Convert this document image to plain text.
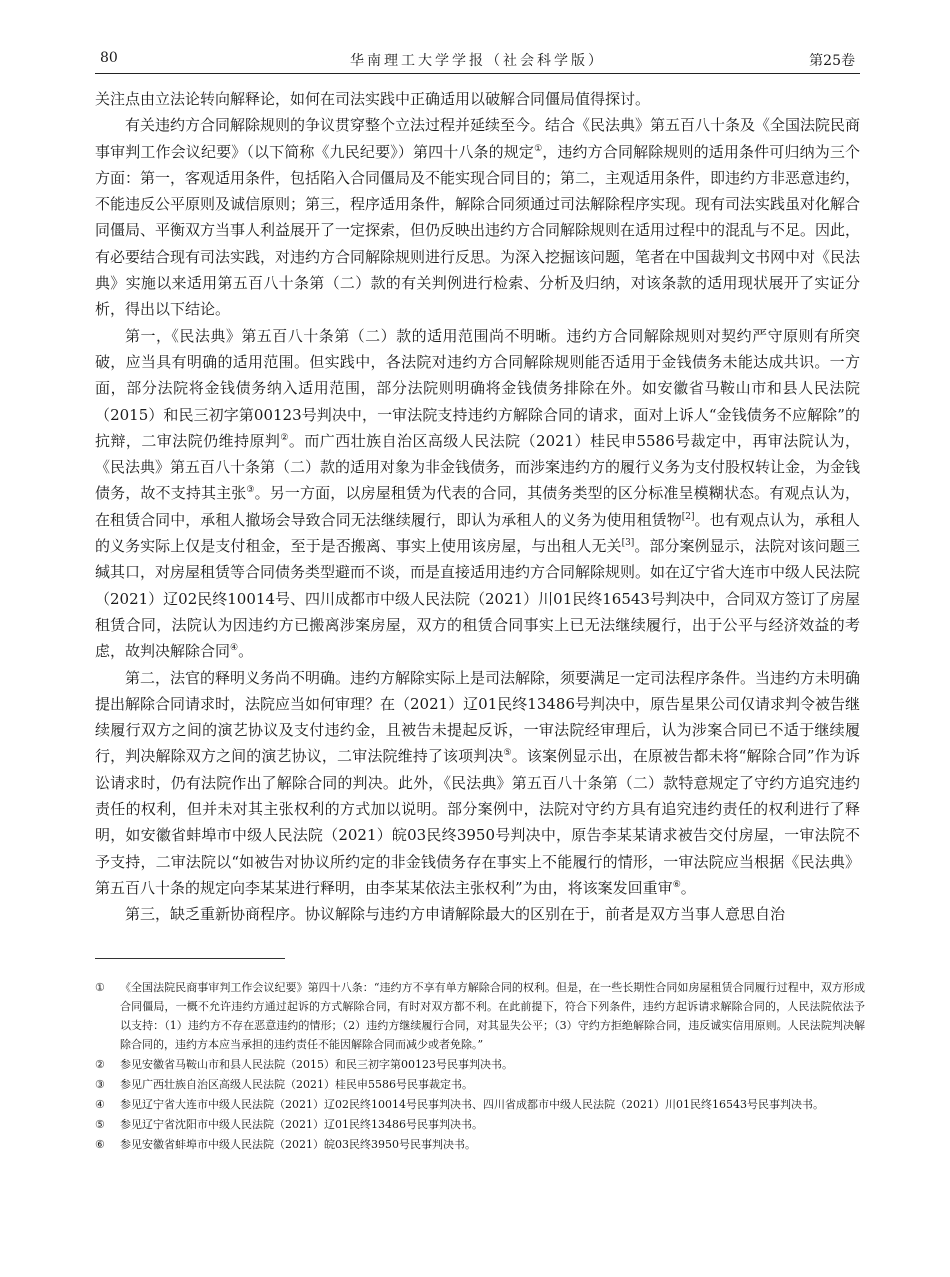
80	华南理工大学学报（社会科学版）	第25卷

关注点由立法论转向解释论，如何在司法实践中正确适用以破解合同僵局值得探讨。

有关违约方合同解除规则的争议贯穿整个立法过程并延续至今。结合《民法典》第五百八十条及《全国法院民商事审判工作会议纪要》（以下简称《九民纪要》）第四十八条的规定①，违约方合同解除规则的适用条件可归纳为三个方面：第一，客观适用条件，包括陷入合同僵局及不能实现合同目的；第二，主观适用条件，即违约方非恶意违约，不能违反公平原则及诚信原则；第三，程序适用条件，解除合同须通过司法解除程序实现。现有司法实践虽对化解合同僵局、平衡双方当事人利益展开了一定探索，但仍反映出违约方合同解除规则在适用过程中的混乱与不足。因此，有必要结合现有司法实践，对违约方合同解除规则进行反思。为深入挖掘该问题，笔者在中国裁判文书网中对《民法典》实施以来适用第五百八十条第（二）款的有关判例进行检索、分析及归纳，对该条款的适用现状展开了实证分析，得出以下结论。

第一，《民法典》第五百八十条第（二）款的适用范围尚不明晰。违约方合同解除规则对契约严守原则有所突破，应当具有明确的适用范围。但实践中，各法院对违约方合同解除规则能否适用于金钱债务未能达成共识。一方面，部分法院将金钱债务纳入适用范围，部分法院则明确将金钱债务排除在外。如安徽省马鞍山市和县人民法院（2015）和民三初字第00123号判决中，一审法院支持违约方解除合同的请求，面对上诉人“金钱债务不应解除”的抗辩，二审法院仍维持原判②。而广西壮族自治区高级人民法院（2021）桂民申5586号裁定中，再审法院认为，《民法典》第五百八十条第（二）款的适用对象为非金钱债务，而涉案违约方的履行义务为支付股权转让金，为金钱债务，故不支持其主张③。另一方面，以房屋租赁为代表的合同，其债务类型的区分标准呈模糊状态。有观点认为，在租赁合同中，承租人撤场会导致合同无法继续履行，即认为承租人的义务为使用租赁物[2]。也有观点认为，承租人的义务实际上仅是支付租金，至于是否搬离、事实上使用该房屋，与出租人无关[3]。部分案例显示，法院对该问题三缄其口，对房屋租赁等合同债务类型避而不谈，而是直接适用违约方合同解除规则。如在辽宁省大连市中级人民法院（2021）辽02民终10014号、四川成都市中级人民法院（2021）川01民终16543号判决中，合同双方签订了房屋租赁合同，法院认为因违约方已搬离涉案房屋，双方的租赁合同事实上已无法继续履行，出于公平与经济效益的考虑，故判决解除合同④。

第二，法官的释明义务尚不明确。违约方解除实际上是司法解除，须要满足一定司法程序条件。当违约方未明确提出解除合同请求时，法院应当如何审理？在（2021）辽01民终13486号判决中，原告星果公司仅请求判令被告继续履行双方之间的演艺协议及支付违约金，且被告未提起反诉，一审法院经审理后，认为涉案合同已不适于继续履行，判决解除双方之间的演艺协议，二审法院维持了该项判决⑤。该案例显示出，在原被告都未将“解除合同”作为诉讼请求时，仍有法院作出了解除合同的判决。此外，《民法典》第五百八十条第（二）款特意规定了守约方追究违约责任的权利，但并未对其主张权利的方式加以说明。部分案例中，法院对守约方具有追究违约责任的权利进行了释明，如安徽省蚌埠市中级人民法院（2021）皖03民终3950号判决中，原告李某某请求被告交付房屋，一审法院不予支持，二审法院以“如被告对协议所约定的非金钱债务存在事实上不能履行的情形，一审法院应当根据《民法典》第五百八十条的规定向李某某进行释明，由李某某依法主张权利”为由，将该案发回重审⑥。

第三，缺乏重新协商程序。协议解除与违约方申请解除最大的区别在于，前者是双方当事人意思自治

① 《全国法院民商事审判工作会议纪要》第四十八条：“违约方不享有单方解除合同的权利。但是，在一些长期性合同如房屋租赁合同履行过程中，双方形成合同僵局，一概不允许违约方通过起诉的方式解除合同，有时对双方都不利。在此前提下，符合下列条件，违约方起诉请求解除合同的，人民法院依法予以支持：（1）违约方不存在恶意违约的情形；（2）违约方继续履行合同，对其显失公平；（3）守约方拒绝解除合同，违反诚实信用原则。人民法院判决解除合同的，违约方本应当承担的违约责任不能因解除合同而减少或者免除。”
② 参见安徽省马鞍山市和县人民法院（2015）和民三初字第00123号民事判决书。
③ 参见广西壮族自治区高级人民法院（2021）桂民申5586号民事裁定书。
④ 参见辽宁省大连市中级人民法院（2021）辽02民终10014号民事判决书、四川省成都市中级人民法院（2021）川01民终16543号民事判决书。
⑤ 参见辽宁省沈阳市中级人民法院（2021）辽01民终13486号民事判决书。
⑥ 参见安徽省蚌埠市中级人民法院（2021）皖03民终3950号民事判决书。
